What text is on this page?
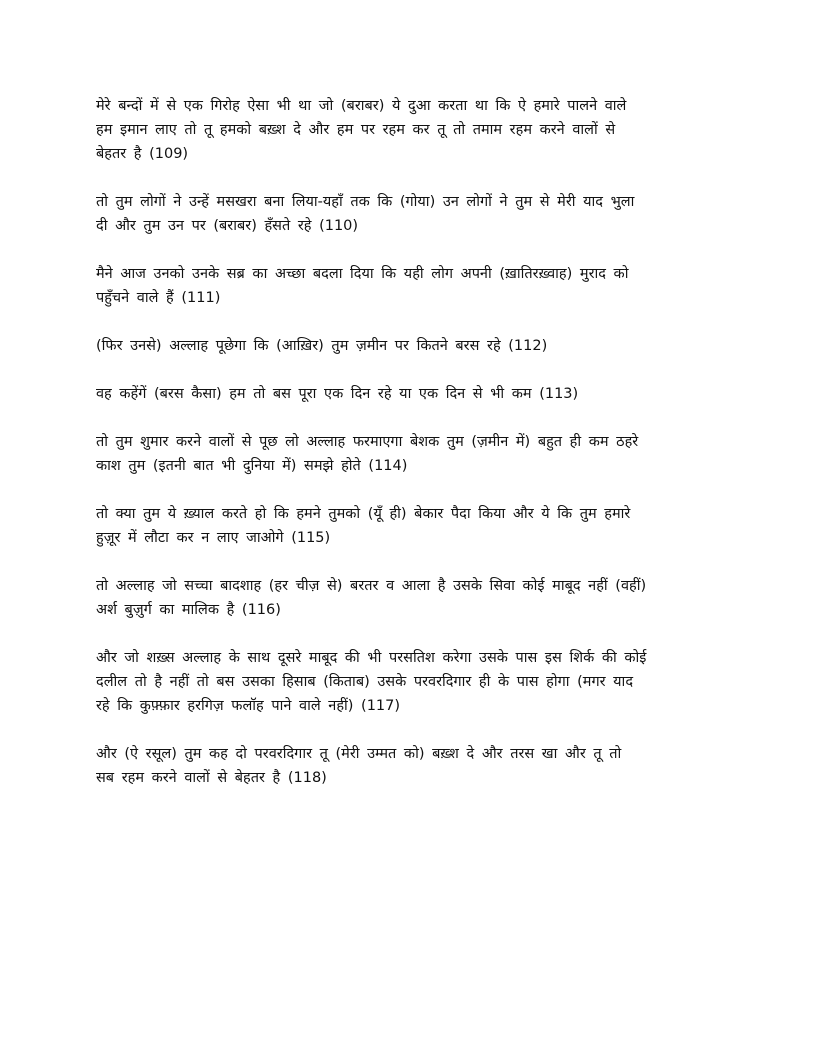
मेरे बन्दों में से एक गिरोह ऐसा भी था जो (बराबर) ये दुआ करता था कि ऐ हमारे पालने वाले
हम इमान लाए तो तू हमको बख़्श दे और हम पर रहम कर तू तो तमाम रहम करने वालों से
बेहतर है (109)

तो तुम लोगों ने उन्हें मसखरा बना लिया-यहाँ तक कि (गोया) उन लोगों ने तुम से मेरी याद भुला
दी और तुम उन पर (बराबर) हँसते रहे (110)

मैने आज उनको उनके सब्र का अच्छा बदला दिया कि यही लोग अपनी (ख़ातिरख़्वाह) मुराद को
पहुँचने वाले हैं (111)

(फिर उनसे) अल्लाह पूछेगा कि (आख़िर) तुम ज़मीन पर कितने बरस रहे (112)

वह कहेंगें (बरस कैसा) हम तो बस पूरा एक दिन रहे या एक दिन से भी कम (113)

तो तुम शुमार करने वालों से पूछ लो अल्लाह फरमाएगा बेशक तुम (ज़मीन में) बहुत ही कम ठहरे
काश तुम (इतनी बात भी दुनिया में) समझे होते (114)

तो क्या तुम ये ख़्याल करते हो कि हमने तुमको (यूँ ही) बेकार पैदा किया और ये कि तुम हमारे
हुज़ूर में लौटा कर न लाए जाओगे (115)

तो अल्लाह जो सच्चा बादशाह (हर चीज़ से) बरतर व आला है उसके सिवा कोई माबूद नहीं (वहीं)
अर्श बुज़ुर्ग का मालिक है (116)

और जो शख़्स अल्लाह के साथ दूसरे माबूद की भी परसतिश करेगा उसके पास इस शिर्क की कोई
दलील तो है नहीं तो बस उसका हिसाब (किताब) उसके परवरदिगार ही के पास होगा (मगर याद
रहे कि कुफ़्फ़ार हरगिज़ फलॉह पाने वाले नहीं) (117)

और (ऐ रसूल) तुम कह दो परवरदिगार तू (मेरी उम्मत को) बख़्श दे और तरस खा और तू तो
सब रहम करने वालों से बेहतर है (118)
